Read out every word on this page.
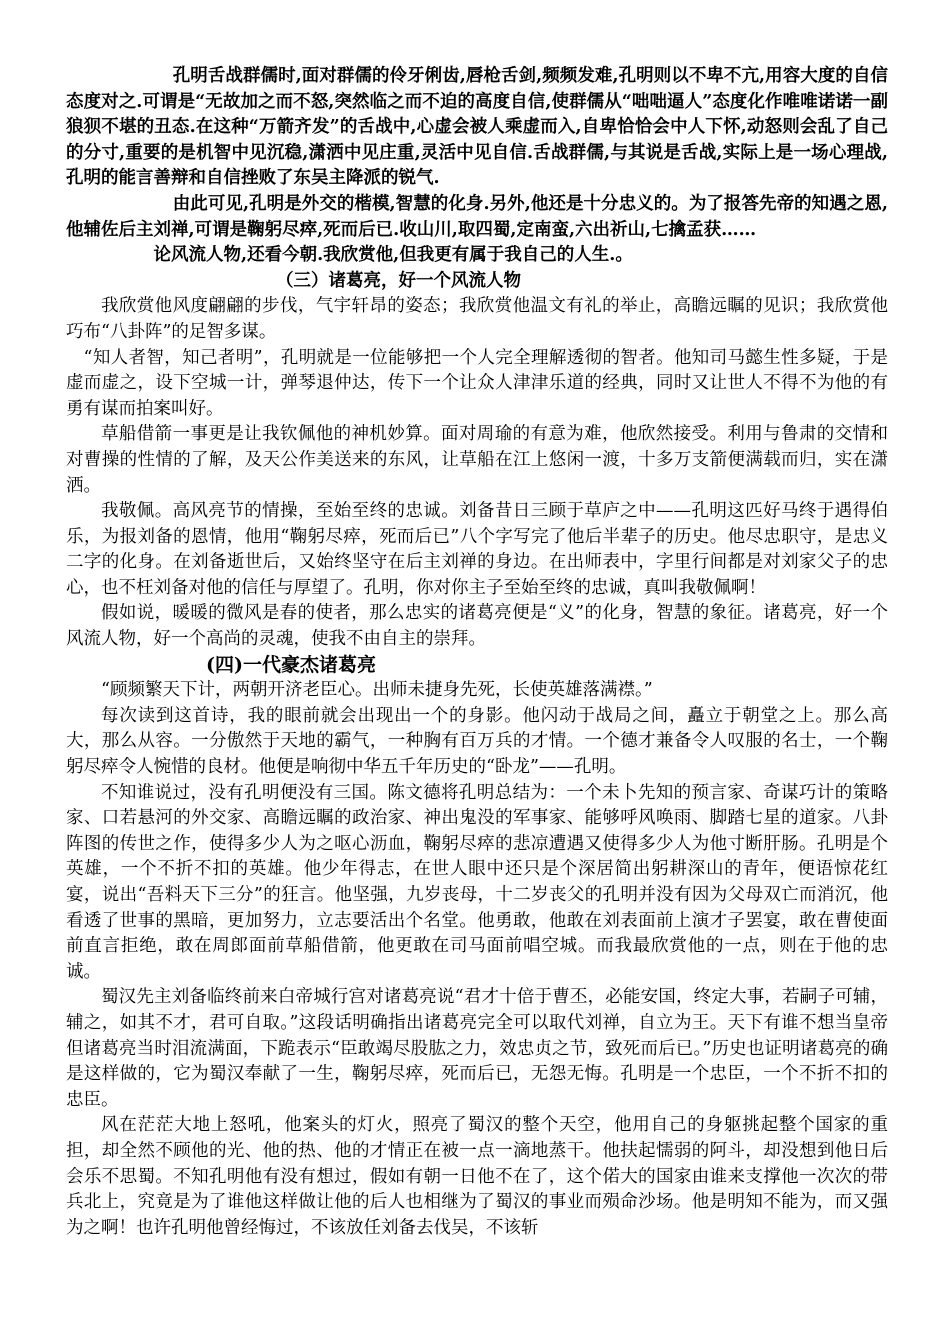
孔明舌战群儒时,面对群儒的伶牙俐齿,唇枪舌剑,频频发难,孔明则以不卑不亢,用容大度的自信态度对之.可谓是“无故加之而不怒,突然临之而不迫的高度自信,使群儒从“咄咄逼人”态度化作唯唯诺诺一副狼狈不堪的丑态.在这种“万箭齐发”的舌战中,心虚会被人乘虚而入,自卑恰恰会中人下怀,动怒则会乱了自己的分寸,重要的是机智中见沉稳,潇洒中见庄重,灵活中见自信.舌战群儒,与其说是舌战,实际上是一场心理战,孔明的能言善辩和自信挫败了东吴主降派的锐气.

由此可见,孔明是外交的楷模,智慧的化身.另外,他还是十分忠义的。为了报答先帝的知遇之恩,他辅佐后主刘禅,可谓是鞠躬尽瘁,死而后已.收山川,取四蜀,定南蛮,六出祈山,七擒孟获……

论风流人物,还看今朝.我欣赏他,但我更有属于我自己的人生.。

（三）诸葛亮，好一个风流人物

我欣赏他风度翩翩的步伐，气宇轩昂的姿态；我欣赏他温文有礼的举止，高瞻远瞩的见识；我欣赏他巧布“八卦阵”的足智多谋。

“知人者智，知己者明”，孔明就是一位能够把一个人完全理解透彻的智者。他知司马懿生性多疑，于是虚而虚之，设下空城一计，弹琴退仲达，传下一个让众人津津乐道的经典，同时又让世人不得不为他的有勇有谋而拍案叫好。

草船借箭一事更是让我钦佩他的神机妙算。面对周瑜的有意为难，他欣然接受。利用与鲁肃的交情和对曹操的性情的了解，及天公作美送来的东风，让草船在江上悠闲一渡，十多万支箭便满载而归，实在潇洒。

我敬佩。高风亮节的情操，至始至终的忠诚。刘备昔日三顾于草庐之中——孔明这匹好马终于遇得伯乐，为报刘备的恩情，他用“鞠躬尽瘁，死而后已”八个字写完了他后半辈子的历史。他尽忠职守，是忠义二字的化身。在刘备逝世后，又始终坚守在后主刘禅的身边。在出师表中，字里行间都是对刘家父子的忠心，也不枉刘备对他的信任与厚望了。孔明，你对你主子至始至终的忠诚，真叫我敬佩啊！

假如说，暖暖的微风是春的使者，那么忠实的诸葛亮便是“义”的化身，智慧的象征。诸葛亮，好一个风流人物，好一个高尚的灵魂，使我不由自主的崇拜。

(四)一代豪杰诸葛亮

“顾频繁天下计，两朝开济老臣心。出师未捷身先死，长使英雄落满襟。”

每次读到这首诗，我的眼前就会出现出一个的身影。他闪动于战局之间，矗立于朝堂之上。那么高大，那么从容。一分傲然于天地的霸气，一种胸有百万兵的才情。一个德才兼备令人叹服的名士，一个鞠躬尽瘁令人惋惜的良材。他便是响彻中华五千年历史的“卧龙”——孔明。

不知谁说过，没有孔明便没有三国。陈文德将孔明总结为：一个未卜先知的预言家、奇谋巧计的策略家、口若悬河的外交家、高瞻远瞩的政治家、神出鬼没的军事家、能够呼风唤雨、脚踏七星的道家。八卦阵图的传世之作，使得多少人为之呕心沥血，鞠躬尽瘁的悲凉遭遇又使得多少人为他寸断肝肠。孔明是个英雄，一个不折不扣的英雄。他少年得志，在世人眼中还只是个深居简出躬耕深山的青年，便语惊花红宴，说出“吾料天下三分”的狂言。他坚强，九岁丧母，十二岁丧父的孔明并没有因为父母双亡而消沉，他看透了世事的黑暗，更加努力，立志要活出个名堂。他勇敢，他敢在刘表面前上演才子罢宴，敢在曹使面前直言拒绝，敢在周郎面前草船借箭，他更敢在司马面前唱空城。而我最欣赏他的一点，则在于他的忠诚。

蜀汉先主刘备临终前来白帝城行宫对诸葛亮说“君才十倍于曹丕，必能安国，终定大事，若嗣子可辅，辅之，如其不才，君可自取。”这段话明确指出诸葛亮完全可以取代刘禅，自立为王。天下有谁不想当皇帝但诸葛亮当时泪流满面，下跪表示“臣敢竭尽股肱之力，效忠贞之节，致死而后已。”历史也证明诸葛亮的确是这样做的，它为蜀汉奉献了一生，鞠躬尽瘁，死而后已，无怨无悔。孔明是一个忠臣，一个不折不扣的忠臣。

风在茫茫大地上怒吼，他案头的灯火，照亮了蜀汉的整个天空，他用自己的身躯挑起整个国家的重担，却全然不顾他的光、他的热、他的才情正在被一点一滴地蒸干。他扶起懦弱的阿斗，却没想到他日后会乐不思蜀。不知孔明他有没有想过，假如有朝一日他不在了，这个偌大的国家由谁来支撑他一次次的带兵北上，究竟是为了谁他这样做让他的后人也相继为了蜀汉的事业而殒命沙场。他是明知不能为，而又强为之啊！也许孔明他曾经悔过，不该放任刘备去伐吴，不该斩
